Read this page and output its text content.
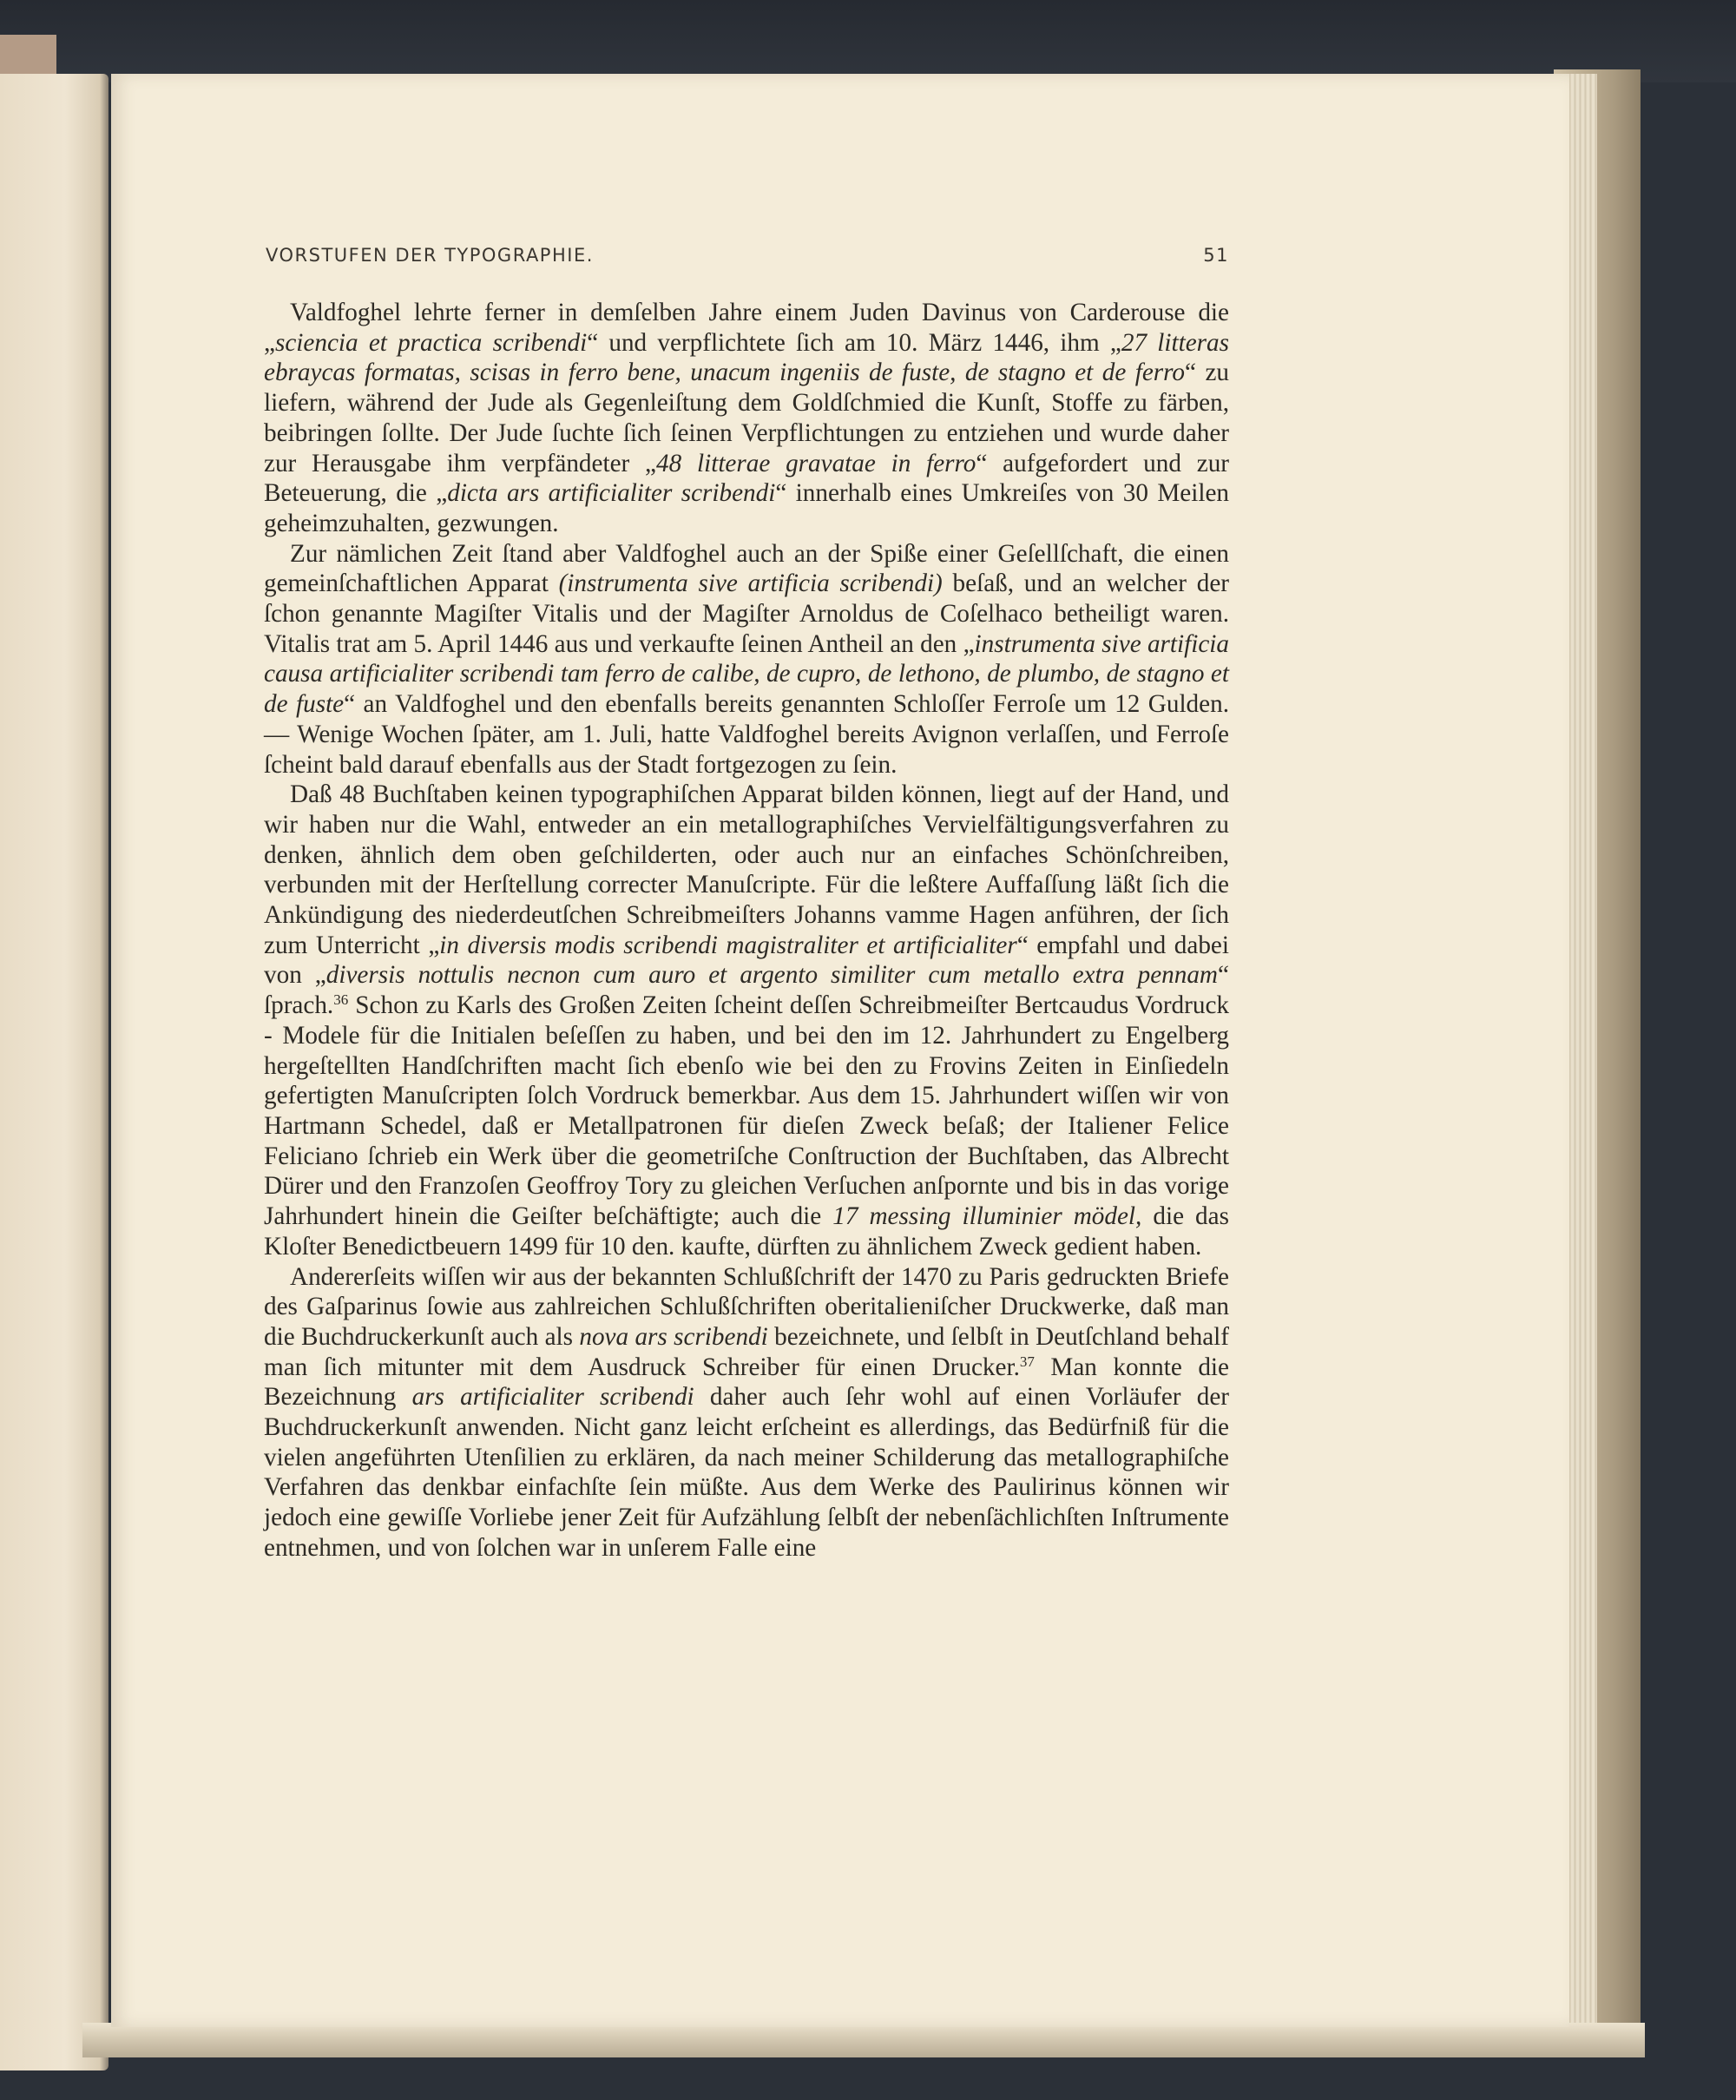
VORSTUFEN DER TYPOGRAPHIE.	51

Valdfoghel lehrte ferner in demſelben Jahre einem Juden Davinus von Carderouse die „sciencia et practica scribendi“ und verpflichtete ſich am 10. März 1446, ihm „27 litteras ebraycas formatas, scisas in ferro bene, unacum ingeniis de fuste, de stagno et de ferro“ zu liefern, während der Jude als Gegenleiſtung dem Goldſchmied die Kunſt, Stoffe zu färben, beibringen ſollte. Der Jude ſuchte ſich ſeinen Verpflichtungen zu entziehen und wurde daher zur Herausgabe ihm verpfändeter „48 litterae gravatae in ferro“ aufgefordert und zur Beteuerung, die „dicta ars artificialiter scribendi“ innerhalb eines Umkreiſes von 30 Meilen geheimzuhalten, gezwungen.

Zur nämlichen Zeit ſtand aber Valdfoghel auch an der Spiße einer Geſellſchaft, die einen gemeinſchaftlichen Apparat (instrumenta sive artificia scribendi) beſaß, und an welcher der ſchon genannte Magiſter Vitalis und der Magiſter Arnoldus de Coſelhaco betheiligt waren. Vitalis trat am 5. April 1446 aus und verkaufte ſeinen Antheil an den „instrumenta sive artificia causa artificialiter scribendi tam ferro de calibe, de cupro, de lethono, de plumbo, de stagno et de fuste“ an Valdfoghel und den ebenfalls bereits genannten Schloſſer Ferroſe um 12 Gulden. — Wenige Wochen ſpäter, am 1. Juli, hatte Valdfoghel bereits Avignon verlaſſen, und Ferroſe ſcheint bald darauf ebenfalls aus der Stadt fortgezogen zu ſein.

Daß 48 Buchſtaben keinen typographiſchen Apparat bilden können, liegt auf der Hand, und wir haben nur die Wahl, entweder an ein metallographiſches Vervielfältigungsverfahren zu denken, ähnlich dem oben geſchilderten, oder auch nur an einfaches Schönſchreiben, verbunden mit der Herſtellung correcter Manuſcripte. Für die leßtere Auffaſſung läßt ſich die Ankündigung des niederdeutſchen Schreibmeiſters Johanns vamme Hagen anführen, der ſich zum Unterricht „in diversis modis scribendi magistraliter et artificialiter“ empfahl und dabei von „diversis nottulis necnon cum auro et argento similiter cum metallo extra pennam“ ſprach.$^{36}$ Schon zu Karls des Großen Zeiten ſcheint deſſen Schreibmeiſter Bertcaudus Vordruck - Modele für die Initialen beſeſſen zu haben, und bei den im 12. Jahrhundert zu Engelberg hergeſtellten Handſchriften macht ſich ebenſo wie bei den zu Frovins Zeiten in Einſiedeln gefertigten Manuſcripten ſolch Vordruck bemerkbar. Aus dem 15. Jahrhundert wiſſen wir von Hartmann Schedel, daß er Metallpatronen für dieſen Zweck beſaß; der Italiener Felice Feliciano ſchrieb ein Werk über die geometriſche Conſtruction der Buchſtaben, das Albrecht Dürer und den Franzoſen Geoffroy Tory zu gleichen Verſuchen anſpornte und bis in das vorige Jahrhundert hinein die Geiſter beſchäftigte; auch die 17 messing illuminier mödel, die das Kloſter Benedictbeuern 1499 für 10 den. kaufte, dürften zu ähnlichem Zweck gedient haben.

Andererſeits wiſſen wir aus der bekannten Schlußſchrift der 1470 zu Paris gedruckten Briefe des Gaſparinus ſowie aus zahlreichen Schlußſchriften oberitalieniſcher Druckwerke, daß man die Buchdruckerkunſt auch als nova ars scribendi bezeichnete, und ſelbſt in Deutſchland behalf man ſich mitunter mit dem Ausdruck Schreiber für einen Drucker.$^{37}$ Man konnte die Bezeichnung ars artificialiter scribendi daher auch ſehr wohl auf einen Vorläufer der Buchdruckerkunſt anwenden. Nicht ganz leicht erſcheint es allerdings, das Bedürfniß für die vielen angeführten Utenſilien zu erklären, da nach meiner Schilderung das metallographiſche Verfahren das denkbar einfachſte ſein müßte. Aus dem Werke des Paulirinus können wir jedoch eine gewiſſe Vorliebe jener Zeit für Aufzählung ſelbſt der nebenſächlichſten Inſtrumente entnehmen, und von ſolchen war in unſerem Falle eine
